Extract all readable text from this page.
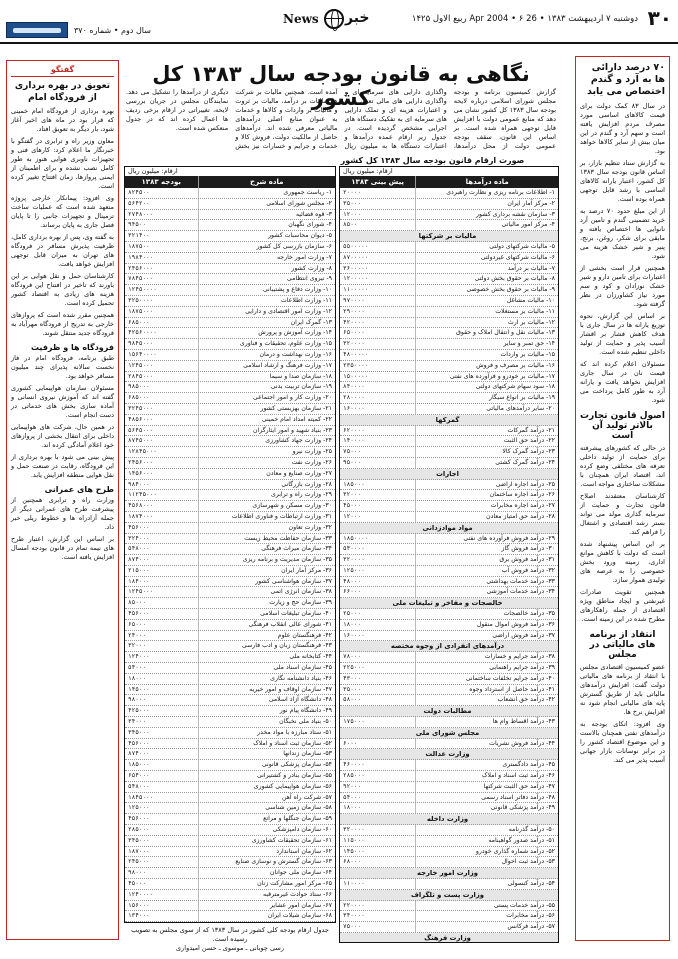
۳۰
دوشنبه ۷ اردیبهشت ۱۳۸۳ • 26 Apr 2004 • ۶ ربیع الاول ۱۴۲۵
خبر
News
سال دوم • شماره ۳۷۰
۷۰ درصد دارائی ها به آرد و گندم اختصاص می یابد

در سال ۸۳ کمک دولت برای قیمت کالاهای اساسی مورد مصرف مردم افزایش یافته است و سهم آرد و گندم در این میان بیش از سایر کالاها خواهد بود.

به گزارش ستاد تنظیم بازار، بر اساس قانون بودجه سال ۱۳۸۳ کل کشور، اعتبار یارانه کالاهای اساسی با رشد قابل توجهی همراه بوده است.

از این مبلغ حدود ۷۰ درصد به خرید تضمینی گندم و تامین آرد نانوایی ها اختصاص یافته و مابقی برای شکر، روغن، برنج، پنیر و شیر خشک هزینه می شود.

همچنین قرار است بخشی از اعتبارات برای تامین دارو و شیر خشک نوزادان و کود و سم مورد نیاز کشاورزان در نظر گرفته شود.

بر اساس این گزارش، نحوه توزیع یارانه ها در سال جاری با هدف کاهش فشار بر اقشار آسیب پذیر و حمایت از تولید داخلی تنظیم شده است.

مسئولان اعلام کرده اند که قیمت نان در سال جاری افزایش نخواهد یافت و یارانه آرد به طور کامل پرداخت می شود.

اصول قانون تجارت بالاتر تولید آن است

در حالی که کشورهای پیشرفته برای حمایت از تولید داخلی تعرفه های مختلفی وضع کرده اند، اقتصاد ایران همچنان با مشکلات ساختاری مواجه است.

کارشناسان معتقدند اصلاح قانون تجارت و حمایت از سرمایه گذاری مولد می تواند بستر رشد اقتصادی و اشتغال را فراهم کند.

بر این اساس پیشنهاد شده است که دولت با کاهش موانع اداری، زمینه ورود بخش خصوصی را به عرصه های تولیدی هموار سازد.

همچنین تقویت صادرات غیرنفتی و ایجاد مناطق ویژه اقتصادی از جمله راهکارهای مطرح شده در این زمینه است.

انتقاد از برنامه های مالیاتی در مجلس

عضو کمیسیون اقتصادی مجلس با انتقاد از برنامه های مالیاتی دولت گفت: افزایش درآمدهای مالیاتی باید از طریق گسترش پایه های مالیاتی انجام شود نه افزایش نرخ ها.

وی افزود: اتکای بودجه به درآمدهای نفتی همچنان بالاست و این موضوع اقتصاد کشور را در برابر نوسانات بازار جهانی آسیب پذیر می کند.

گفتگو
تعویق در بهره برداری از فرودگاه امام

بهره برداری از فرودگاه امام خمینی که قرار بود در ماه های اخیر آغاز شود، بار دیگر به تعویق افتاد.

معاون وزیر راه و ترابری در گفتگو با خبرنگار ما اعلام کرد: کارهای فنی و تجهیزات ناوبری هوایی هنوز به طور کامل نصب نشده و برای اطمینان از ایمنی پروازها، زمان افتتاح تغییر کرده است.

وی افزود: پیمانکار خارجی پروژه متعهد شده است که عملیات ساخت ترمینال و تجهیزات جانبی را تا پایان فصل جاری به پایان برساند.

به گفته وی، پس از بهره برداری کامل، ظرفیت پذیرش مسافر در فرودگاه های تهران به میزان قابل توجهی افزایش خواهد یافت.

کارشناسان حمل و نقل هوایی بر این باورند که تاخیر در افتتاح این فرودگاه هزینه های زیادی به اقتصاد کشور تحمیل کرده است.

همچنین مقرر شده است که پروازهای خارجی به تدریج از فرودگاه مهرآباد به فرودگاه جدید منتقل شوند.

فرودگاه ها و ظرفیت

طبق برنامه، فرودگاه امام در فاز نخست سالانه پذیرای چند میلیون مسافر خواهد بود.

مسئولان سازمان هواپیمایی کشوری گفته اند که آموزش نیروی انسانی و آماده سازی بخش های خدماتی در دست انجام است.

در همین حال، شرکت های هواپیمایی داخلی برای انتقال بخشی از پروازهای خود اعلام آمادگی کرده اند.

پیش بینی می شود با بهره برداری از این فرودگاه، رقابت در صنعت حمل و نقل هوایی منطقه افزایش یابد.

طرح های عمرانی

وزارت راه و ترابری همچنین از پیشرفت طرح های عمرانی دیگر از جمله آزادراه ها و خطوط ریلی خبر داد.

بر اساس این گزارش، اعتبار طرح های نیمه تمام در قانون بودجه امسال افزایش یافته است.

نگاهی به قانون بودجه سال ۱۳۸۳ کل کشور	گزارش کمیسیون برنامه و بودجه مجلس شورای اسلامی درباره لایحه بودجه سال ۱۳۸۳ کل کشور نشان می دهد که منابع عمومی دولت با افزایش قابل توجهی همراه شده است. بر اساس این قانون، سقف بودجه عمومی دولت از محل درآمدها، واگذاری دارایی های سرمایه ای و واگذاری دارایی های مالی تعیین شده و اعتبارات هزینه ای و تملک دارایی های سرمایه ای به تفکیک دستگاه های اجرایی مشخص گردیده است. در جدول زیر ارقام عمده درآمدها و اعتبارات دستگاه ها به میلیون ریال آمده است. همچنین مالیات بر شرکت ها، مالیات بر درآمد، مالیات بر ثروت و مالیات بر واردات و کالاها و خدمات به عنوان منابع اصلی درآمدهای مالیاتی معرفی شده اند. درآمدهای حاصل از مالکیت دولت، فروش کالا و خدمات و جرایم و خسارات نیز بخش دیگری از درآمدها را تشکیل می دهد. نمایندگان مجلس در جریان بررسی لایحه، تغییراتی در ارقام برخی ردیف ها اعمال کرده اند که در جدول منعکس شده است.
صورت ارقام قانون بودجه سال ۱۳۸۳ کل کشور
ارقام: میلیون ریال
ماده درآمدها
پیش بینی ۱۳۸۳
۱- اطلاعات برنامه ریزی و نظارت راهبردی
۲۰۰۰۰
۲- مرکز آمار ایران
۳۵۰۰۰
۳- سازمان نقشه برداری کشور
۱۲۰۰۰
۴- مرکز امور مالیاتی
۸۵۰۰
مالیات بر شرکتها
۵- مالیات شرکتهای دولتی
۵۵۰۰۰۰۰
۶- مالیات شرکتهای غیردولتی
۸۷۰۰۰۰۰
۷- مالیات بر درآمد
۳۶۰۰۰۰۰
۸- مالیات بر حقوق بخش دولتی
۱۲۰۰۰۰۰
۹- مالیات بر حقوق بخش خصوصی
۱۱۰۰۰۰۰
۱۰- مالیات مشاغل
۹۷۰۰۰۰
۱۱- مالیات بر مستغلات
۲۹۰۰۰۰
۱۲- مالیات بر ارث
۴۲۰۰۰۰
۱۳- مالیات نقل و انتقال املاک و حقوق
۶۵۰۰۰۰
۱۴- حق تمبر و سایر
۳۲۰۰۰۰
۱۵- مالیات بر واردات
۴۸۰۰۰۰۰
۱۶- مالیات بر مصرف و فروش
۲۳۵۰۰۰۰
۱۷- مالیات بر خودرو و فرآورده های نفتی
۱۵۰۰۰۰۰
۱۸- سود سهام شرکتهای دولتی
۸۴۰۰۰۰
۱۹- مالیات بر انواع سیگار
۲۸۰۰۰۰
۲۰- سایر درآمدهای مالیاتی
۱۶۰۰۰۰
گمرکها
۲۱- درآمد گمرکات
۶۲۰۰۰۰
۲۲- درآمد حق الثبت
۱۴۰۰۰۰
۲۳- درآمد گمرک کالا
۷۵۰۰۰
۲۴- درآمد گمرک کشتی
۹۵۰۰۰
اجارات
۲۵- درآمد اجاره اراضی
۱۸۵۰۰۰
۲۶- درآمد اجاره ساختمان
۳۲۰۰۰
۲۷- درآمد اجاره مخابرات
۴۵۰۰۰
۲۸- درآمد حق امتیاز معادن
۱۲۰۰۰
مواد موادزدانی
۲۹- درآمد فروش فرآورده های نفتی
۱۸۵۰۰۰۰
۳۰- درآمد فروش گاز
۵۴۰۰۰۰
۳۱- درآمد فروش برق
۳۲۰۰۰۰
۳۲- درآمد فروش آب
۱۲۵۰۰۰
۳۳- درآمد خدمات بهداشتی
۴۸۰۰۰
۳۴- درآمد خدمات آموزشی
۶۶۰۰۰
خالصجات و مفاخر و تبلیغات ملی
۳۵- درآمد خالصجات
۲۵۰۰۰
۳۶- درآمد فروش اموال منقول
۱۸۰۰۰
۳۷- درآمد فروش اراضی
۱۶۰۰۰۰
درآمدهای انفرادی از وجوه مختصه
۳۸- درآمد جرایم و خسارات
۷۸۰۰۰
۳۹- درآمد جرایم راهنمایی
۲۲۵۰۰۰
۴۰- درآمد جرایم تخلفات ساختمانی
۴۳۰۰۰
۴۱- درآمد حاصل از استرداد وجوه
۳۵۰۰۰
۴۲- درآمد حق انشعاب
۵۸۰۰۰
مطالبات دولت
۴۳- درآمد اقساط وام ها
۱۷۵۰۰۰
مجلس شورای ملی
۴۴- درآمد فروش نشریات
۶۰۰۰
وزارت عدالت
۴۵- درآمد دادگستری
۴۶۰۰۰۰
۴۶- درآمد ثبت اسناد و املاک
۲۸۵۰۰۰
۴۷- درآمد حق الثبت شرکتها
۹۲۰۰۰
۴۸- درآمد دفاتر اسناد رسمی
۵۴۰۰۰
۴۹- درآمد پزشکی قانونی
۱۸۰۰۰
وزارت داخله
۵۰- درآمد گذرنامه
۳۲۰۰۰۰
۵۱- درآمد صدور گواهینامه
۱۱۵۰۰۰
۵۲- درآمد شماره گذاری خودرو
۱۴۵۰۰۰
۵۳- درآمد ثبت احوال
۶۸۰۰۰
وزارت امور خارجه
۵۴- درآمد کنسولی
۱۱۰۰۰۰
وزارت پست و تلگراف
۵۵- درآمد خدمات پستی
۲۲۰۰۰۰
۵۶- درآمد مخابرات
۳۴۰۰۰۰
۵۷- درآمد فرکانس
۷۵۰۰۰
وزارت فرهنگ
ارقام: میلیون ریال
ماده شرح
بودجه ۱۳۸۳
۱- ریاست جمهوری
۸۲۴۵۰۰
۲- مجلس شورای اسلامی
۵۶۴۲۰۰
۳- قوه قضائیه
۲۷۴۸۰۰۰
۴- شورای نگهبان
۹۴۵۰۰
۵- دیوان محاسبات کشور
۳۲۱۴۰۰
۶- سازمان بازرسی کل کشور
۱۸۷۵۰۰
۷- وزارت امور خارجه
۱۹۸۴۰۰۰
۸- وزارت کشور
۲۴۵۶۰۰۰
۹- نیروی انتظامی
۷۸۴۵۰۰۰
۱۰- وزارت دفاع و پشتیبانی
۱۲۴۵۰۰۰۰
۱۱- وزارت اطلاعات
۳۲۵۰۰۰۰
۱۲- وزارت امور اقتصادی و دارایی
۱۸۷۵۰۰۰
۱۳- گمرک ایران
۶۸۵۰۰۰
۱۴- وزارت آموزش و پرورش
۴۲۵۶۰۰۰۰
۱۵- وزارت علوم، تحقیقات و فناوری
۹۸۴۵۰۰۰
۱۶- وزارت بهداشت و درمان
۱۵۶۴۰۰۰۰
۱۷- وزارت فرهنگ و ارشاد اسلامی
۱۲۴۵۰۰۰
۱۸- سازمان صدا و سیما
۲۸۴۵۰۰۰
۱۹- سازمان تربیت بدنی
۹۸۵۰۰۰
۲۰- وزارت کار و امور اجتماعی
۶۸۵۰۰۰
۲۱- سازمان بهزیستی کشور
۳۲۴۵۰۰۰
۲۲- کمیته امداد امام خمینی
۴۸۵۶۰۰۰
۲۳- بنیاد شهید و امور ایثارگران
۵۶۴۵۰۰۰
۲۴- وزارت جهاد کشاورزی
۸۷۴۵۰۰۰
۲۵- وزارت نیرو
۱۲۸۴۵۰۰۰
۲۶- وزارت نفت
۲۴۵۶۰۰۰
۲۷- وزارت صنایع و معادن
۱۴۵۶۰۰۰
۲۸- وزارت بازرگانی
۹۸۴۰۰۰
۲۹- وزارت راه و ترابری
۱۱۲۴۵۰۰۰
۳۰- وزارت مسکن و شهرسازی
۴۵۶۸۰۰۰
۳۱- وزارت ارتباطات و فناوری اطلاعات
۱۸۷۴۰۰۰
۳۲- وزارت تعاون
۴۵۶۰۰۰
۳۳- سازمان حفاظت محیط زیست
۳۲۴۰۰۰
۳۴- سازمان میراث فرهنگی
۵۴۸۰۰۰
۳۵- سازمان مدیریت و برنامه ریزی
۸۷۴۰۰۰
۳۶- مرکز آمار ایران
۲۱۵۰۰۰
۳۷- سازمان هواشناسی کشور
۱۸۴۰۰۰
۳۸- سازمان انرژی اتمی
۱۲۴۵۰۰۰
۳۹- سازمان حج و زیارت
۸۵۰۰۰
۴۰- سازمان تبلیغات اسلامی
۴۵۶۰۰۰
۴۱- شورای عالی انقلاب فرهنگی
۶۵۰۰۰
۴۲- فرهنگستان علوم
۲۴۰۰۰
۴۳- فرهنگستان زبان و ادب فارسی
۳۲۰۰۰
۴۴- کتابخانه ملی
۱۲۴۰۰۰
۴۵- سازمان اسناد ملی
۵۴۰۰۰
۴۶- بنیاد دانشنامه نگاری
۱۸۰۰۰
۴۷- سازمان اوقاف و امور خیریه
۱۴۵۰۰۰
۴۸- دانشگاه آزاد اسلامی
۹۸۰۰۰
۴۹- دانشگاه پیام نور
۴۲۵۰۰۰
۵۰- بنیاد ملی نخبگان
۳۴۰۰۰
۵۱- ستاد مبارزه با مواد مخدر
۳۴۵۰۰۰
۵۲- سازمان ثبت اسناد و املاک
۴۵۶۰۰۰
۵۳- سازمان زندانها
۸۷۴۰۰۰
۵۴- سازمان پزشکی قانونی
۱۸۵۰۰۰
۵۵- سازمان بنادر و کشتیرانی
۶۵۴۰۰۰
۵۶- سازمان هواپیمایی کشوری
۵۴۸۰۰۰
۵۷- شرکت راه آهن
۱۸۴۵۰۰۰
۵۸- سازمان زمین شناسی
۱۲۵۰۰۰
۵۹- سازمان جنگلها و مراتع
۴۵۶۰۰۰
۶۰- سازمان دامپزشکی
۲۸۵۰۰۰
۶۱- سازمان تحقیقات کشاورزی
۳۴۵۰۰۰
۶۲- سازمان استاندارد
۱۸۷۰۰۰
۶۳- سازمان گسترش و نوسازی صنایع
۲۴۵۰۰۰
۶۴- سازمان ملی جوانان
۹۸۰۰۰
۶۵- مرکز امور مشارکت زنان
۴۵۰۰۰
۶۶- ستاد حوادث غیرمترقبه
۱۲۴۰۰۰۰
۶۷- سازمان امور عشایر
۱۵۶۰۰۰
۶۸- سازمان شیلات ایران
۱۳۴۰۰۰
جدول ارقام بودجه کلی کشور در سال ۱۳۸۳ که از سوی مجلس به تصویب رسیده است.
رسی چوبانی ـ موسوی ـ حسن امیدواری
